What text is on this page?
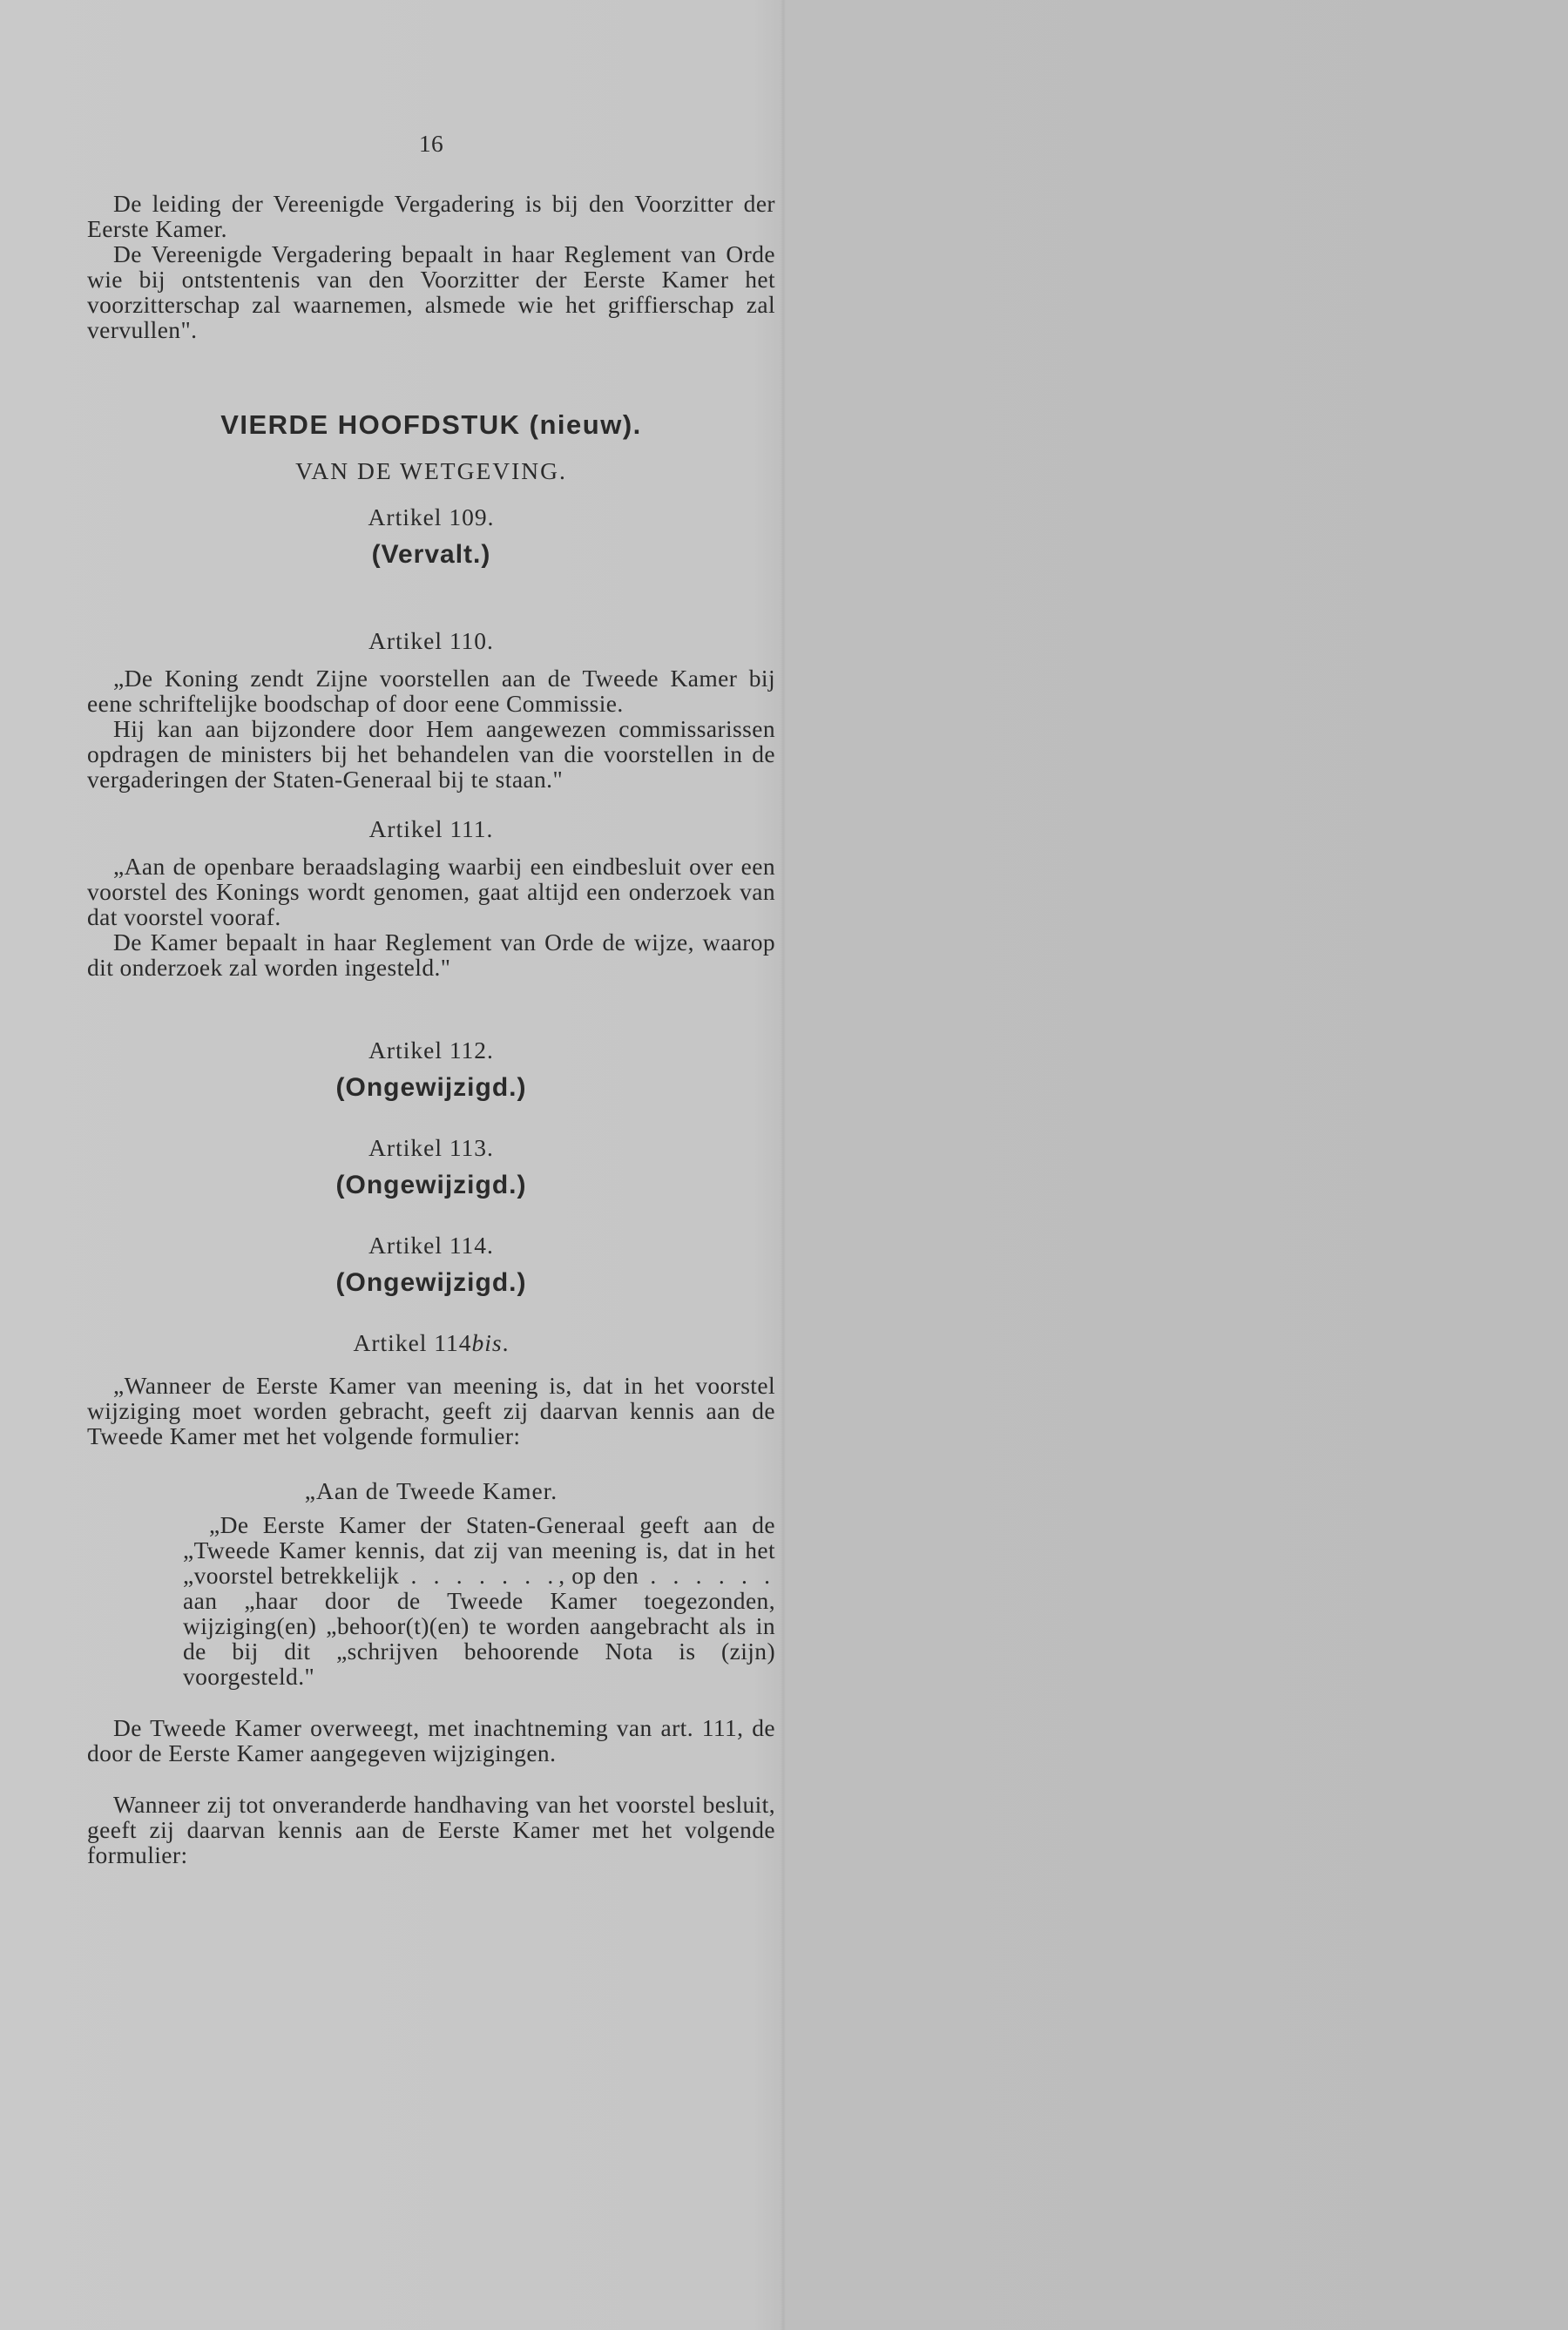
16

De leiding der Vereenigde Vergadering is bij den Voorzitter der Eerste Kamer.

De Vereenigde Vergadering bepaalt in haar Reglement van Orde wie bij ontstentenis van den Voorzitter der Eerste Kamer het voorzitterschap zal waarnemen, alsmede wie het griffierschap zal vervullen".

VIERDE HOOFDSTUK (nieuw).
VAN DE WETGEVING.
Artikel 109.
(Vervalt.)
Artikel 110.

„De Koning zendt Zijne voorstellen aan de Tweede Kamer bij eene schriftelijke boodschap of door eene Commissie.

Hij kan aan bijzondere door Hem aangewezen commissarissen opdragen de ministers bij het behandelen van die voorstellen in de vergaderingen der Staten-Generaal bij te staan."

Artikel 111.

„Aan de openbare beraadslaging waarbij een eindbesluit over een voorstel des Konings wordt genomen, gaat altijd een onderzoek van dat voorstel vooraf.

De Kamer bepaalt in haar Reglement van Orde de wijze, waarop dit onderzoek zal worden ingesteld."

Artikel 112.
(Ongewijzigd.)
Artikel 113.
(Ongewijzigd.)
Artikel 114.
(Ongewijzigd.)
Artikel 114bis.

„Wanneer de Eerste Kamer van meening is, dat in het voorstel wijziging moet worden gebracht, geeft zij daarvan kennis aan de Tweede Kamer met het volgende formulier:

„Aan de Tweede Kamer.

„De Eerste Kamer der Staten-Generaal geeft aan de „Tweede Kamer kennis, dat zij van meening is, dat in het „voorstel betrekkelijk . . . . . . ., op den . . . . . . aan „haar door de Tweede Kamer toegezonden, wijziging(en) „behoor(t)(en) te worden aangebracht als in de bij dit „schrijven behoorende Nota is (zijn) voorgesteld."

De Tweede Kamer overweegt, met inachtneming van art. 111, de door de Eerste Kamer aangegeven wijzigingen.

Wanneer zij tot onveranderde handhaving van het voorstel besluit, geeft zij daarvan kennis aan de Eerste Kamer met het volgende formulier:
